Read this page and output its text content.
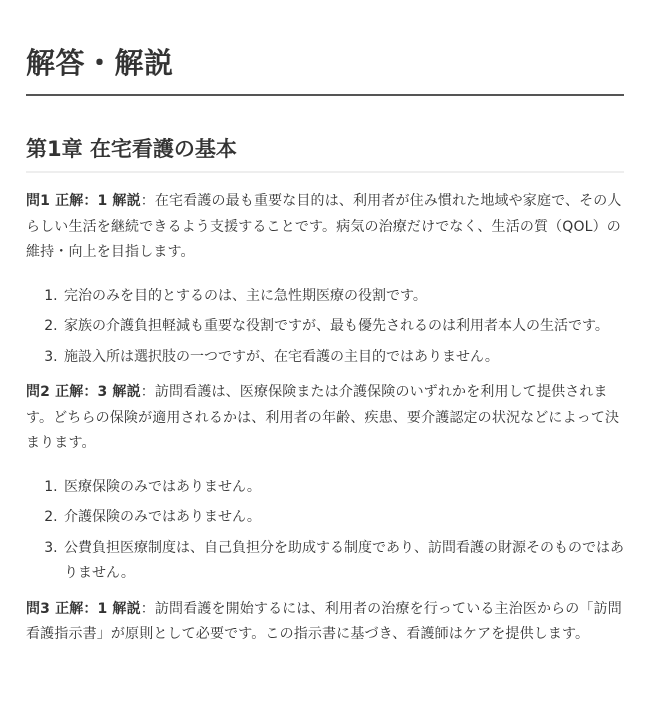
解答・解説
第1章 在宅看護の基本

問1 正解：1 解説：在宅看護の最も重要な目的は、利用者が住み慣れた地域や家庭で、その人らしい生活を継続できるよう支援することです。病気の治療だけでなく、生活の質（QOL）の維持・向上を目指します。

1. 完治のみを目的とするのは、主に急性期医療の役割です。
2. 家族の介護負担軽減も重要な役割ですが、最も優先されるのは利用者本人の生活です。
3. 施設入所は選択肢の一つですが、在宅看護の主目的ではありません。

問2 正解：3 解説：訪問看護は、医療保険または介護保険のいずれかを利用して提供されます。どちらの保険が適用されるかは、利用者の年齢、疾患、要介護認定の状況などによって決まります。

1. 医療保険のみではありません。
2. 介護保険のみではありません。
3. 公費負担医療制度は、自己負担分を助成する制度であり、訪問看護の財源そのものではありません。

問3 正解：1 解説：訪問看護を開始するには、利用者の治療を行っている主治医からの「訪問看護指示書」が原則として必要です。この指示書に基づき、看護師はケアを提供します。
